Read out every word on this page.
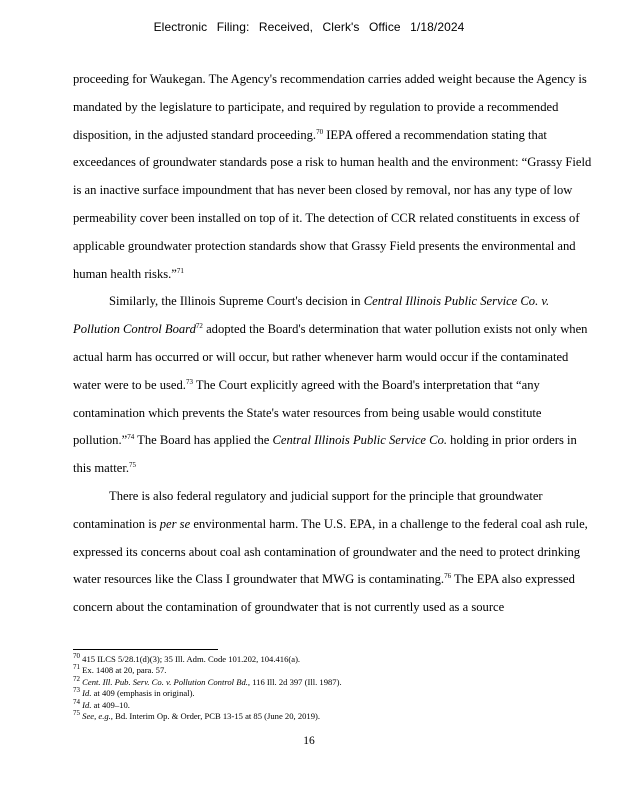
Electronic Filing: Received, Clerk's Office 1/18/2024

proceeding for Waukegan. The Agency's recommendation carries added weight because the Agency is mandated by the legislature to participate, and required by regulation to provide a recommended disposition, in the adjusted standard proceeding.$^{70}$ IEPA offered a recommendation stating that exceedances of groundwater standards pose a risk to human health and the environment: “Grassy Field is an inactive surface impoundment that has never been closed by removal, nor has any type of low permeability cover been installed on top of it. The detection of CCR related constituents in excess of applicable groundwater protection standards show that Grassy Field presents the environmental and human health risks.”$^{71}$

Similarly, the Illinois Supreme Court's decision in Central Illinois Public Service Co. v. Pollution Control Board$^{72}$ adopted the Board's determination that water pollution exists not only when actual harm has occurred or will occur, but rather whenever harm would occur if the contaminated water were to be used.$^{73}$ The Court explicitly agreed with the Board's interpretation that “any contamination which prevents the State's water resources from being usable would constitute pollution.”$^{74}$ The Board has applied the Central Illinois Public Service Co. holding in prior orders in this matter.$^{75}$

There is also federal regulatory and judicial support for the principle that groundwater contamination is per se environmental harm. The U.S. EPA, in a challenge to the federal coal ash rule, expressed its concerns about coal ash contamination of groundwater and the need to protect drinking water resources like the Class I groundwater that MWG is contaminating.$^{76}$ The EPA also expressed concern about the contamination of groundwater that is not currently used as a source

$^{70}$ 415 ILCS 5/28.1(d)(3); 35 Ill. Adm. Code 101.202, 104.416(a).
$^{71}$ Ex. 1408 at 20, para. 57.
$^{72}$ Cent. Ill. Pub. Serv. Co. v. Pollution Control Bd., 116 Ill. 2d 397 (Ill. 1987).
$^{73}$ Id. at 409 (emphasis in original).
$^{74}$ Id. at 409–10.
$^{75}$ See, e.g., Bd. Interim Op. & Order, PCB 13-15 at 85 (June 20, 2019).
16
